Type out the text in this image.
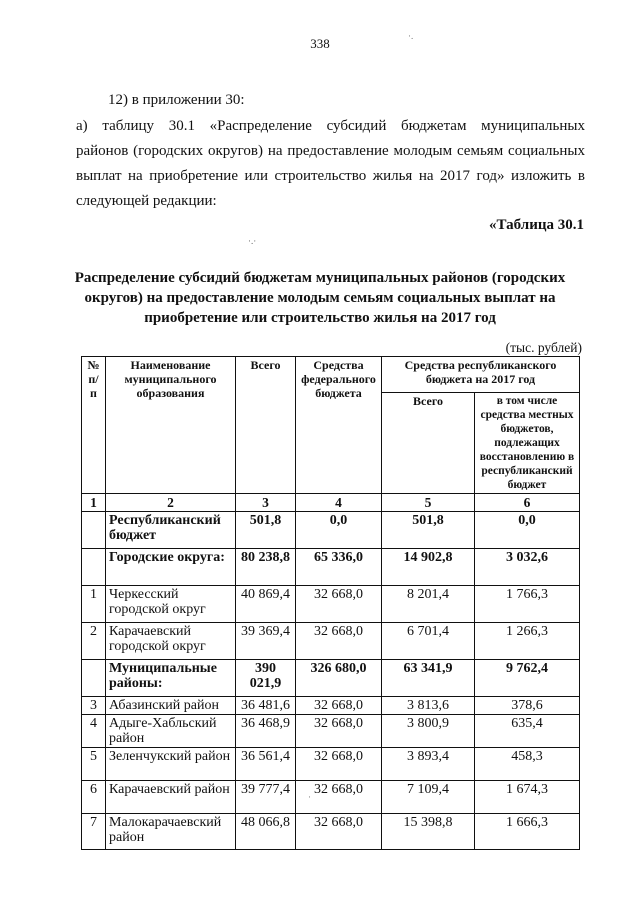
338
12) в приложении 30:
а) таблицу 30.1 «Распределение субсидий бюджетам муниципальных
районов (городских округов) на предоставление молодым семьям социальных
выплат на приобретение или строительство жилья на 2017 год» изложить в
следующей редакции:
«Таблица 30.1
Распределение субсидий бюджетам муниципальных районов (городских
округов) на предоставление молодым семьям социальных выплат на
приобретение или строительство жилья на 2017 год
(тыс. рублей)
№ п/п	Наименование муниципального образования	Всего	Средства федерального бюджета	Средства республиканского бюджета на 2017 год	
				Всего	в том числе средства местных бюджетов, подлежащих восстановлению в республиканский бюджет
1	2	3	4	5	6
	Республиканский бюджет	501,8	0,0	501,8	0,0
	Городские округа:	80 238,8	65 336,0	14 902,8	3 032,6
1	Черкесский городской округ	40 869,4	32 668,0	8 201,4	1 766,3
2	Карачаевский городской округ	39 369,4	32 668,0	6 701,4	1 266,3
	Муниципальные районы:	390 021,9	326 680,0	63 341,9	9 762,4
3	Абазинский район	36 481,6	32 668,0	3 813,6	378,6
4	Адыге-Хабльский район	36 468,9	32 668,0	3 800,9	635,4
5	Зеленчукский район	36 561,4	32 668,0	3 893,4	458,3
6	Карачаевский район	39 777,4	32 668,0	7 109,4	1 674,3
7	Малокарачаевский район	48 066,8	32 668,0	15 398,8	1 666,3
·.·
·.
·
